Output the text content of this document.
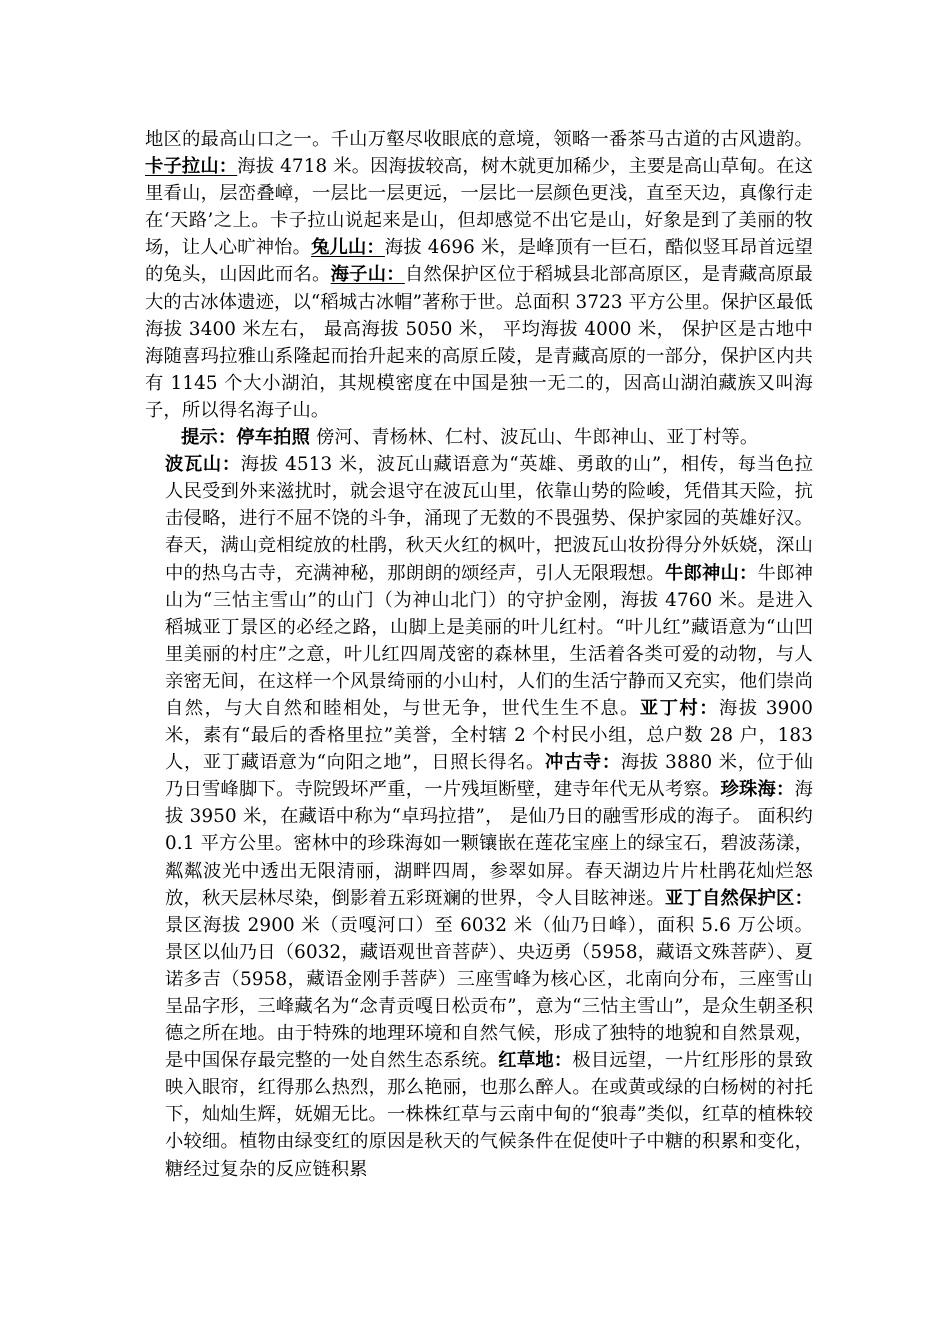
地区的最高山口之一。千山万壑尽收眼底的意境，领略一番茶马古道的古风遗韵。卡子拉山：海拔 4718 米。因海拔较高，树木就更加稀少，主要是高山草甸。在这里看山，层峦叠嶂，一层比一层更远，一层比一层颜色更浅，直至天边，真像行走在‘天路’之上。卡子拉山说起来是山，但却感觉不出它是山，好象是到了美丽的牧场，让人心旷神怡。兔儿山：海拔 4696 米，是峰顶有一巨石，酷似竖耳昂首远望的兔头，山因此而名。海子山：自然保护区位于稻城县北部高原区，是青藏高原最大的古冰体遗迹，以“稻城古冰帽”著称于世。总面积 3723 平方公里。保护区最低海拔 3400 米左右， 最高海拔 5050 米， 平均海拔 4000 米， 保护区是古地中海随喜玛拉雅山系隆起而抬升起来的高原丘陵，是青藏高原的一部分，保护区内共有 1145 个大小湖泊，其规模密度在中国是独一无二的，因高山湖泊藏族又叫海子，所以得名海子山。

提示：停车拍照 傍河、青杨林、仁村、波瓦山、牛郎神山、亚丁村等。

波瓦山：海拔 4513 米，波瓦山藏语意为“英雄、勇敢的山”，相传，每当色拉人民受到外来滋扰时，就会退守在波瓦山里，依靠山势的险峻，凭借其天险，抗击侵略，进行不屈不饶的斗争，涌现了无数的不畏强势、保护家园的英雄好汉。春天，满山竞相绽放的杜鹃，秋天火红的枫叶，把波瓦山妆扮得分外妖娆，深山中的热乌古寺，充满神秘，那朗朗的颂经声，引人无限瑕想。牛郎神山：牛郎神山为“三怙主雪山”的山门（为神山北门）的守护金刚，海拔 4760 米。是进入稻城亚丁景区的必经之路，山脚上是美丽的叶儿红村。“叶儿红”藏语意为“山凹里美丽的村庄”之意，叶儿红四周茂密的森林里，生活着各类可爱的动物，与人亲密无间，在这样一个风景绮丽的小山村，人们的生活宁静而又充实，他们崇尚自然，与大自然和睦相处，与世无争，世代生生不息。亚丁村：海拔 3900 米，素有“最后的香格里拉”美誉，全村辖 2 个村民小组，总户数 28 户，183 人，亚丁藏语意为“向阳之地”，日照长得名。冲古寺：海拔 3880 米，位于仙乃日雪峰脚下。寺院毁坏严重，一片残垣断壁，建寺年代无从考察。珍珠海：海拔 3950 米，在藏语中称为“卓玛拉措”， 是仙乃日的融雪形成的海子。 面积约 0.1 平方公里。密林中的珍珠海如一颗镶嵌在莲花宝座上的绿宝石，碧波荡漾，粼粼波光中透出无限清丽，湖畔四周，参翠如屏。春天湖边片片杜鹃花灿烂怒放，秋天层林尽染，倒影着五彩斑斓的世界，令人目眩神迷。亚丁自然保护区：景区海拔 2900 米（贡嘎河口）至 6032 米（仙乃日峰），面积 5.6 万公顷。景区以仙乃日（6032，藏语观世音菩萨）、央迈勇（5958，藏语文殊菩萨）、夏诺多吉（5958，藏语金刚手菩萨）三座雪峰为核心区，北南向分布，三座雪山呈品字形，三峰藏名为“念青贡嘎日松贡布”，意为“三怙主雪山”，是众生朝圣积德之所在地。由于特殊的地理环境和自然气候，形成了独特的地貌和自然景观，是中国保存最完整的一处自然生态系统。红草地：极目远望，一片红彤彤的景致映入眼帘，红得那么热烈，那么艳丽，也那么醉人。在或黄或绿的白杨树的衬托下，灿灿生辉，妩媚无比。一株株红草与云南中甸的“狼毒”类似，红草的植株较小较细。植物由绿变红的原因是秋天的气候条件在促使叶子中糖的积累和变化，糖经过复杂的反应链积累
